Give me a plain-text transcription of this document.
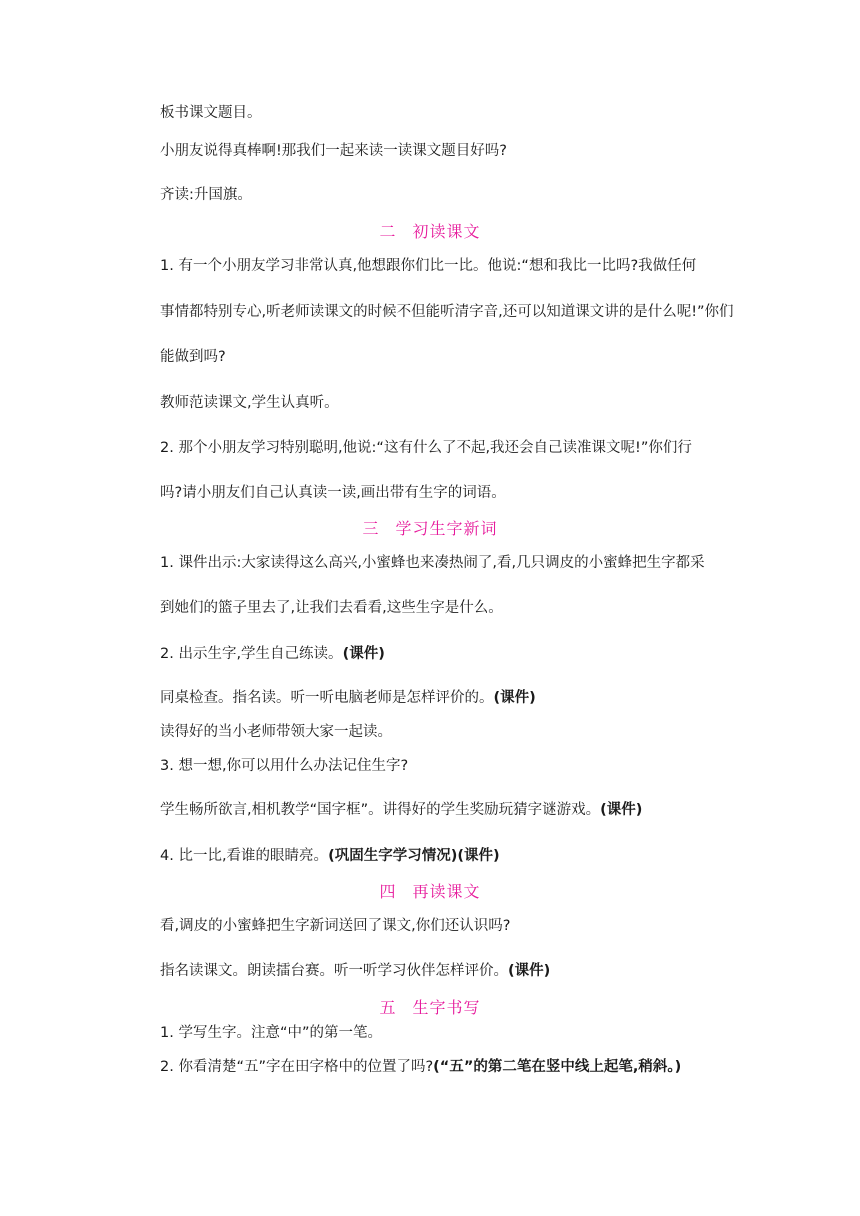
板书课文题目。
小朋友说得真棒啊!那我们一起来读一读课文题目好吗?
齐读:升国旗。
二 初读课文
1. 有一个小朋友学习非常认真,他想跟你们比一比。他说:“想和我比一比吗?我做任何
事情都特别专心,听老师读课文的时候不但能听清字音,还可以知道课文讲的是什么呢!”你们
能做到吗?
教师范读课文,学生认真听。
2. 那个小朋友学习特别聪明,他说:“这有什么了不起,我还会自己读准课文呢!”你们行
吗?请小朋友们自己认真读一读,画出带有生字的词语。
三 学习生字新词
1. 课件出示:大家读得这么高兴,小蜜蜂也来凑热闹了,看,几只调皮的小蜜蜂把生字都采
到她们的篮子里去了,让我们去看看,这些生字是什么。
2. 出示生字,学生自己练读。(课件)
同桌检查。指名读。听一听电脑老师是怎样评价的。(课件)
读得好的当小老师带领大家一起读。
3. 想一想,你可以用什么办法记住生字?
学生畅所欲言,相机教学“国字框”。讲得好的学生奖励玩猜字谜游戏。(课件)
4. 比一比,看谁的眼睛亮。(巩固生字学习情况)(课件)
四 再读课文
看,调皮的小蜜蜂把生字新词送回了课文,你们还认识吗?
指名读课文。朗读擂台赛。听一听学习伙伴怎样评价。(课件)
五 生字书写
1. 学写生字。注意“中”的第一笔。
2. 你看清楚“五”字在田字格中的位置了吗?(“五”的第二笔在竖中线上起笔,稍斜。)
